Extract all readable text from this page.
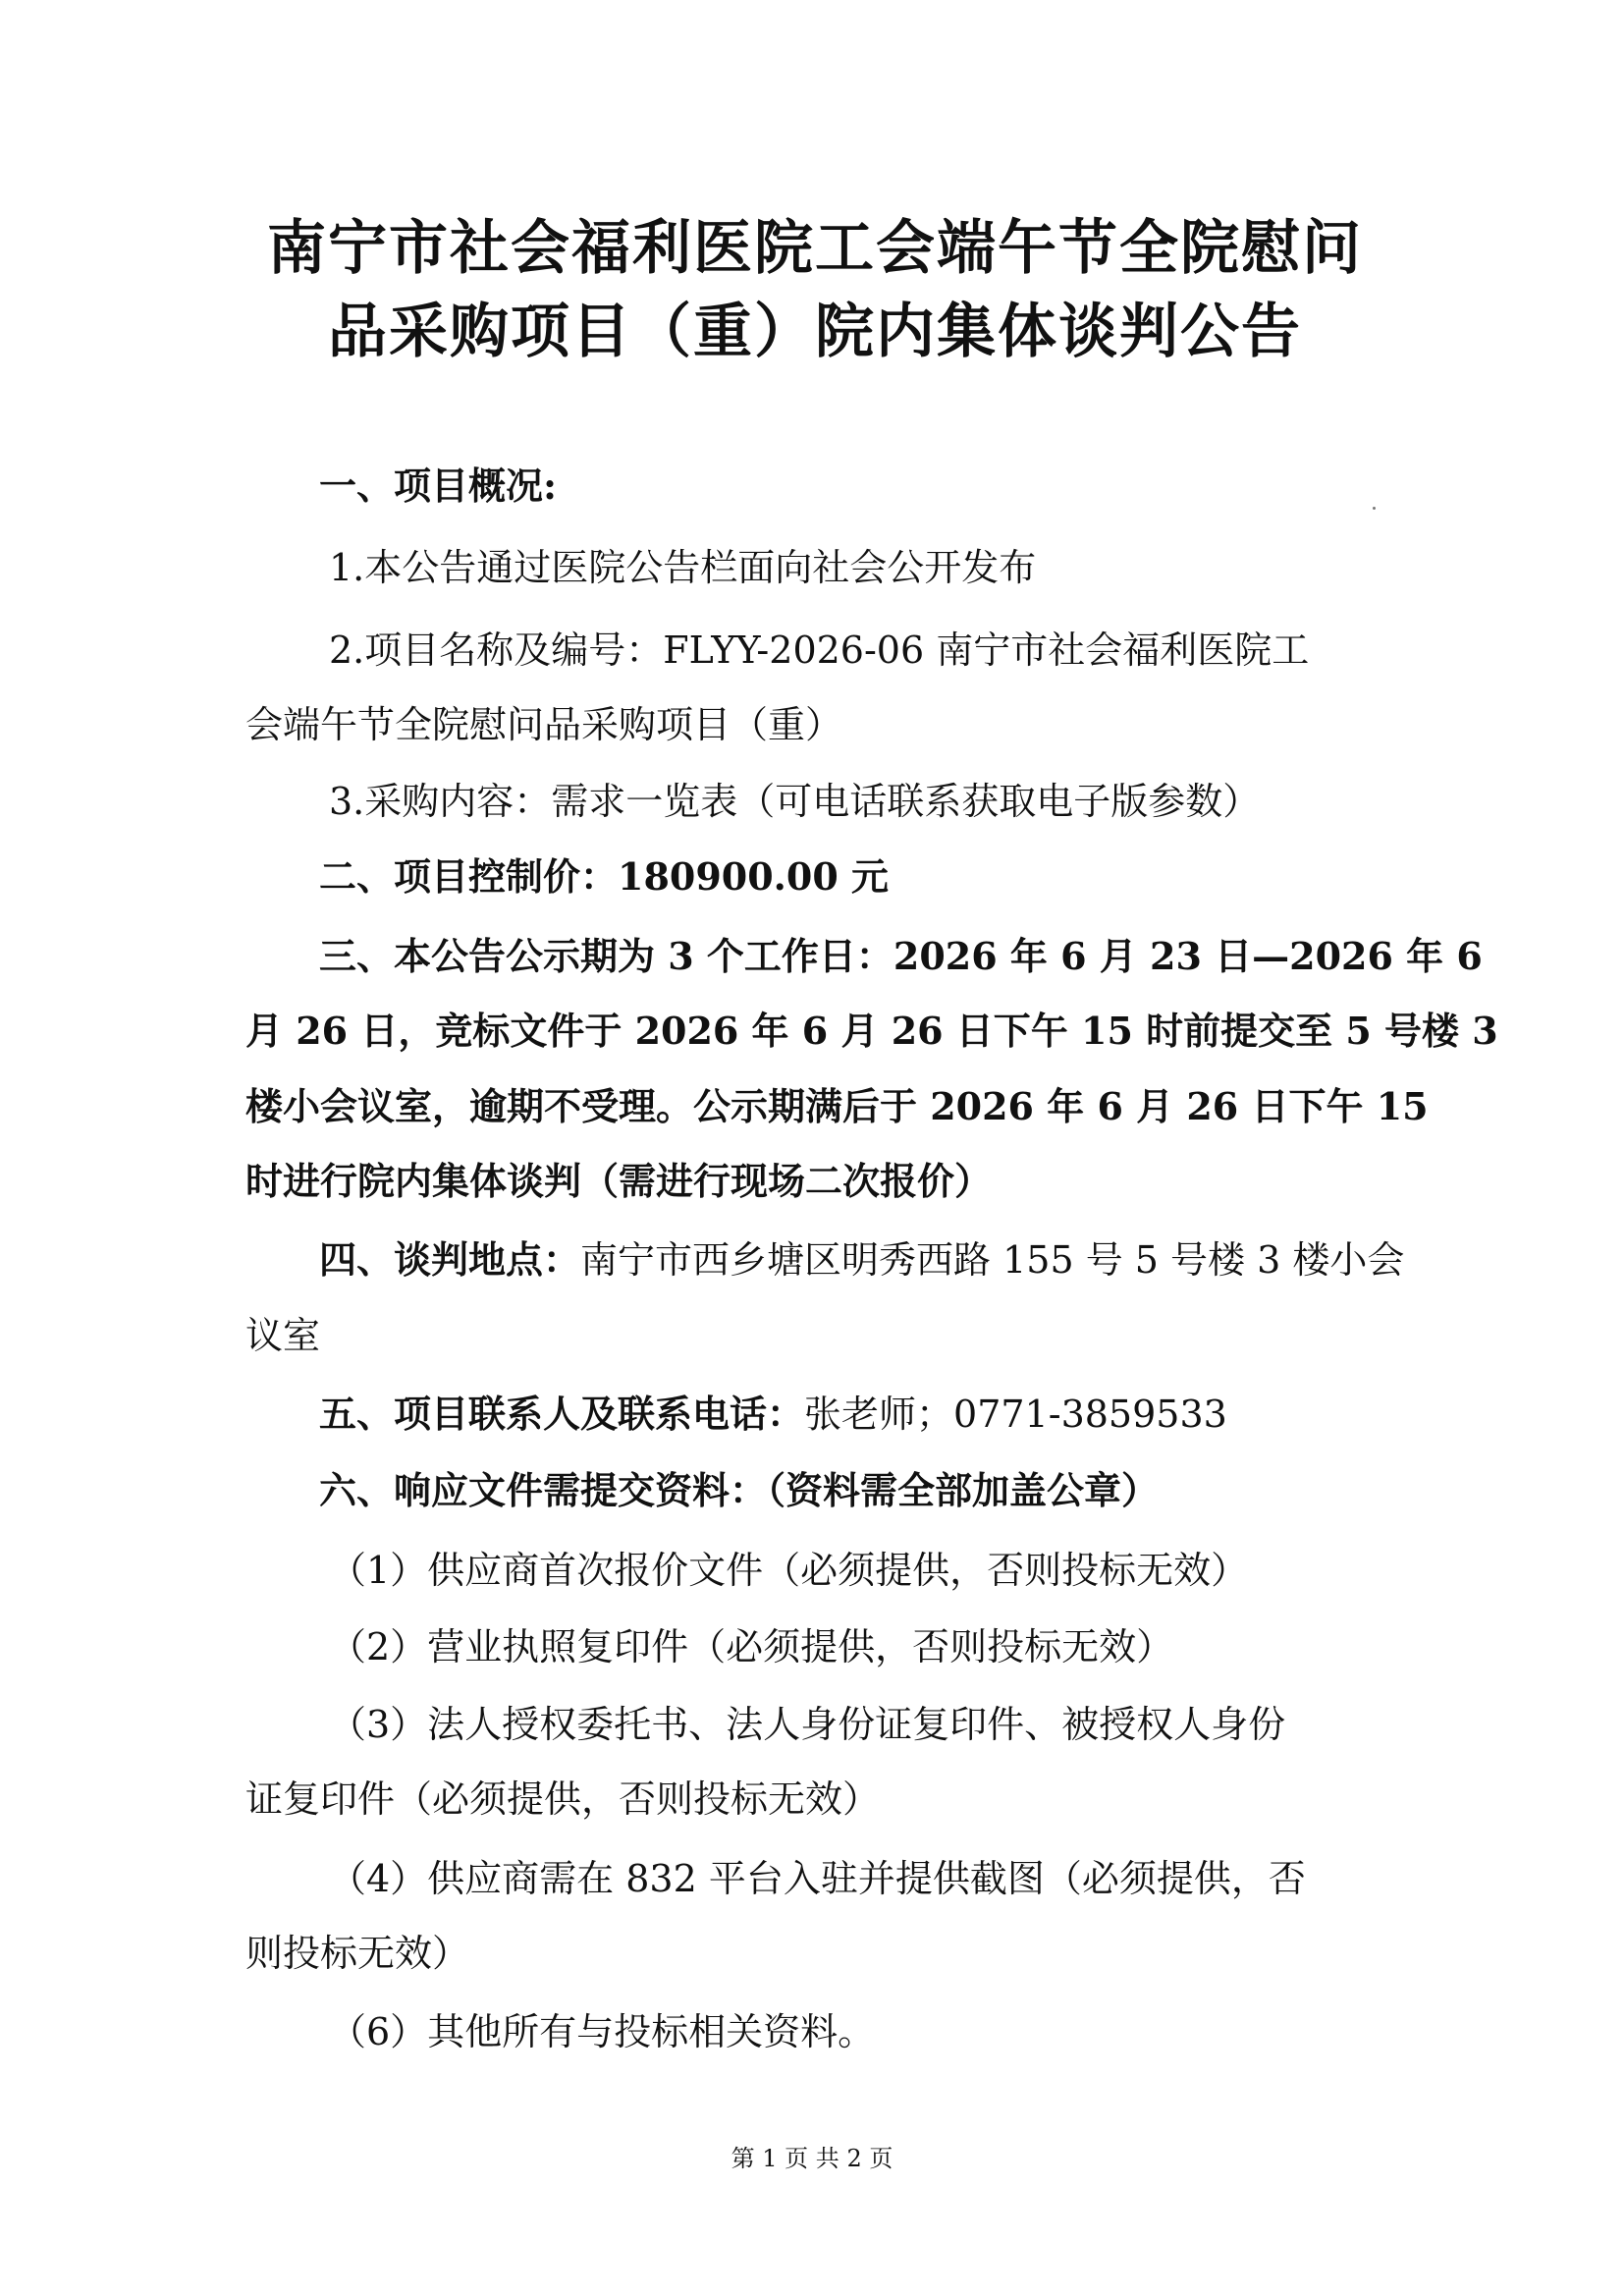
南宁市社会福利医院工会端午节全院慰问
品采购项目（重）院内集体谈判公告
一、项目概况:
1.本公告通过医院公告栏面向社会公开发布
2.项目名称及编号：FLYY-2026-06 南宁市社会福利医院工
会端午节全院慰问品采购项目（重）
3.采购内容：需求一览表（可电话联系获取电子版参数）
二、项目控制价：180900.00 元
三、本公告公示期为 3 个工作日：2026 年 6 月 23 日—2026 年 6
月 26 日，竞标文件于 2026 年 6 月 26 日下午 15 时前提交至 5 号楼 3
楼小会议室，逾期不受理。公示期满后于 2026 年 6 月 26 日下午 15
时进行院内集体谈判（需进行现场二次报价）
四、谈判地点：南宁市西乡塘区明秀西路 155 号 5 号楼 3 楼小会
议室
五、项目联系人及联系电话：张老师；0771-3859533
六、响应文件需提交资料：（资料需全部加盖公章）
（1）供应商首次报价文件（必须提供，否则投标无效）
（2）营业执照复印件（必须提供，否则投标无效）
（3）法人授权委托书、法人身份证复印件、被授权人身份
证复印件（必须提供，否则投标无效）
（4）供应商需在 832 平台入驻并提供截图（必须提供，否
则投标无效）
（6）其他所有与投标相关资料。
第 1 页 共 2 页
